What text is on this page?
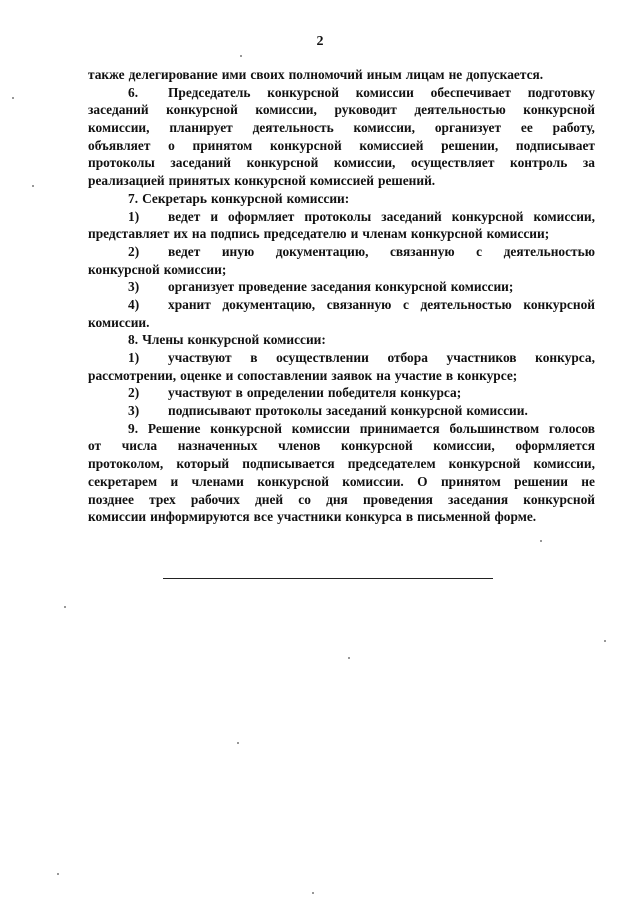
2
также делегирование ими своих полномочий иным лицам не допускается.
6.	Председатель конкурсной комиссии обеспечивает подготовку
заседаний конкурсной комиссии, руководит деятельностью конкурсной
комиссии, планирует деятельность комиссии, организует ее работу,
объявляет о принятом конкурсной комиссией решении, подписывает
протоколы заседаний конкурсной комиссии, осуществляет контроль за
реализацией принятых конкурсной комиссией решений.
7. Секретарь конкурсной комиссии:
1)	ведет и оформляет протоколы заседаний конкурсной комиссии,
представляет их на подпись председателю и членам конкурсной комиссии;
2)	ведет иную документацию, связанную с деятельностью
конкурсной комиссии;
3)	организует проведение заседания конкурсной комиссии;
4)	хранит документацию, связанную с деятельностью конкурсной
комиссии.
8. Члены конкурсной комиссии:
1)	участвуют в осуществлении отбора участников конкурса,
рассмотрении, оценке и сопоставлении заявок на участие в конкурсе;
2)	участвуют в определении победителя конкурса;
3)	подписывают протоколы заседаний конкурсной комиссии.
9. Решение конкурсной комиссии принимается большинством голосов
от числа назначенных членов конкурсной комиссии, оформляется
протоколом, который подписывается председателем конкурсной комиссии,
секретарем и членами конкурсной комиссии. О принятом решении не
позднее трех рабочих дней со дня проведения заседания конкурсной
комиссии информируются все участники конкурса в письменной форме.
